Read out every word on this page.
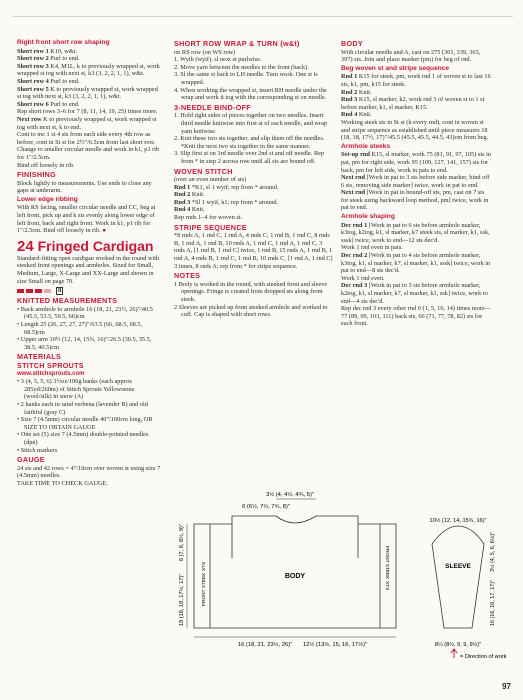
Right front short row shaping

Short row 1 K10, w&t.

Short row 2 Purl to end.

Short row 3 K4, M1L, k to previously wrapped st, work wrapped st tog with next st, k3 (3, 2, 2, 1, 1), w&t.

Short row 4 Purl to end.

Short row 5 K to previously wrapped st, work wrapped st tog with next st, k3 (3, 2, 2, 1, 1), w&t.

Short row 6 Purl to end.

Rep short rows 3–6 for 7 (8, 11, 14, 19, 25) times more.

Next row K to previously wrapped st, work wrapped st tog with next st, k to end.

Cont to inc 1 st 4 sts from each side every 4th row as before, cont in St st for 2½"/6.5cm from last short row.

Change to smaller circular needle and work in k1, p1 rib for 1"/2.5cm.

Bind off loosely in rib.

FINISHING

Block lightly to measurements. Use ends to close any gaps at underarm.

Lower edge ribbing

With RS facing, smaller circular needle and CC, beg at left front, pick up and k sts evenly along lower edge of left front, back and right front. Work in k1, p1 rib for 1"/2.5cm. Bind off loosely in rib. ●

24 Fringed Cardigan

Standard-fitting open cardigan worked in the round with steeked front openings and armholes. Sized for Small, Medium, Large, X-Large and XX-Large and shown in size Small on page 70.

II
KNITTED MEASUREMENTS

• Back armhole to armhole 16 (18, 21, 23½, 26)"/40.5 (45.5, 53.5, 59.5, 66)cm

• Length 25 (26, 27, 27, 27)"/63.5 (66, 68.5, 68.5, 68.5)cm

• Upper arm 10½ (12, 14, 15¾, 16)"/26.5 (30.5, 35.5, 38.5, 40.5)cm

MATERIALS
STITCH SPROUTS
www.stitchsprouts.com

• 3 (4, 5, 5, 6) 3½oz/100g hanks (each approx 285yd/260m) of Stitch Sprouts Yellowstone (wool/silk) in snow (A)

• 2 hanks each in sand verbena (lavender B) and old faithful (gray C)

• Size 7 (4.5mm) circular needle 40"/100cm long, OR SIZE TO OBTAIN GAUGE

• One set (5) size 7 (4.5mm) double-pointed needles (dpn)

• Stitch markers

GAUGE

24 sts and 42 rows = 4"/10cm over woven st using size 7 (4.5mm) needles.

TAKE TIME TO CHECK GAUGE.

SHORT ROW WRAP & TURN (w&t)

on RS row (on WS row)

1. Wyib (wyif), sl next st purlwise.

2. Move yarn between the needles to the front (back).

3. Sl the same st back to LH needle. Turn work. One st is wrapped.

4. When working the wrapped st, insert RH needle under the wrap and work it tog with the corresponding st on needle.

3-NEEDLE BIND-OFF

1. Hold right sides of pieces together on two needles. Insert third needle knitwise into first st of each needle, and wrap yarn knitwise.

2. Knit these two sts together, and slip them off the needles. *Knit the next two sts together in the same manner.

3. Slip first st on 3rd needle over 2nd st and off needle. Rep from * in step 2 across row until all sts are bound off.

WOVEN STITCH

(over an even number of sts)

Rnd 1 *K1, sl 1 wyif; rep from * around.

Rnd 2 Knit.

Rnd 3 *Sl 1 wyif, k1; rep from * around.

Rnd 4 Knit.

Rep rnds 1–4 for woven st.

STRIPE SEQUENCE

*8 rnds A, 1 rnd C, 1 rnd A, 4 rnds C, 1 rnd B, 1 rnd C, 8 rnds B, 1 rnd A, 1 rnd B, 10 rnds A, 1 rnd C, 1 rnd A, 1 rnd C, 3 rnds A, [1 rnd B, 1 rnd C] twice, 1 rnd B, 15 rnds A, 1 rnd B, 1 rnd A, 4 rnds B, 1 rnd C, 1 rnd B, 10 rnds C, [1 rnd A, 1 rnd C] 3 times, 8 rnds A; rep from * for stripe sequence.

NOTES

1 Body is worked in the round, with steeked front and sleeve openings. Fringe is created from dropped sts along front steek.

2 Sleeves are picked up from steeked armhole and worked to cuff. Cap is shaped with short rows.

BODY

With circular needle and A, cast on 275 (301, 339, 365, 397) sts. Join and place marker (pm) for beg of rnd.

Beg woven st and stripe sequence

Rnd 1 K15 for steek, pm, work rnd 1 of woven st to last 16 sts, k1, pm, k15 for steek.

Rnd 2 Knit.

Rnd 3 K15, sl marker, k2, work rnd 3 of woven st to 1 st before marker, k1, sl marker, K15.

Rnd 4 Knit.

Working steek sts in St st (k every rnd), cont in woven st and stripe sequence as established until piece measures 18 (18, 18, 17½, 17)"/45.5 (45.5, 45.5, 44.5, 43)cm from beg.

Armhole steeks

Set-up rnd K15, sl marker, work 75 (81, 91, 97, 105) sts in pat, pm for right side, work 95 (109, 127, 141, 157) sts for back, pm for left side, work in pats to end.

Next rnd [Work in pat to 3 sts before side marker, bind off 6 sts, removing side marker] twice, work in pat to end.

Next rnd [Work in pat to bound-off sts, pm, cast on 7 sts for steek using backward loop method, pm] twice, work in pat to end.

Armhole shaping

Dec rnd 1 [Work in pat to 6 sts before armhole marker, k3tog, k2tog, k1, sl marker, k7 steek sts, sl marker, k1, ssk, sssk] twice, work to end—12 sts dec'd.

Work 1 rnd even in pats.

Dec rnd 2 [Work in pat to 4 sts before armhole marker, k3tog, k1, sl marker, k7, sl marker, k1, sssk] twice, work in pat to end—8 sts dec'd.

Work 1 rnd even.

Dec rnd 3 [Work in pat to 3 sts before armhole marker, k2tog, k1, sl marker, k7, sl marker, k1, ssk] twice, work to end—4 sts dec'd.

Rep dec rnd 3 every other rnd 0 (1, 5, 10, 14) times more—77 (89, 99, 103, 111) back sts, 66 (71, 77, 78, 82) sts for each front.

3½ (4, 4½, 4¾, 5)"
6 (6½, 7¼, 7¾, 8)"
FRONT STEEK STS	FRONT STEEK STS
BODY
6 (7, 8, 8½, 9)"
18 (18, 18, 17½, 17)"
16 (18, 21, 23½, 26)" 12½ (13½, 15, 16, 17½)"
10½ (12, 14, 15¾, 16)"
SLEEVE	3½ (4, 5, 6, 6½)"
16 (16, 16, 17, 17)"
8¼ (8½, 9, 9, 9½)"
= Direction of work
97
